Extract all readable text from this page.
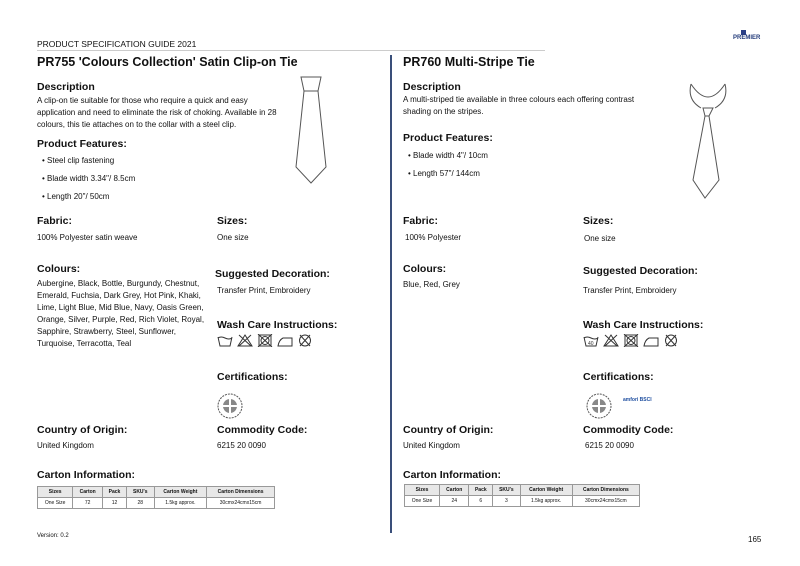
PRODUCT SPECIFICATION GUIDE 2021
PREMIER
PR755 'Colours Collection' Satin Clip-on Tie
Description
A clip-on tie suitable for those who require a quick and easy application and need to eliminate the risk of choking. Available in 28 colours, this tie attaches on to the collar with a steel clip.
Product Features:
• Steel clip fastening
• Blade width 3.34"/ 8.5cm
• Length 20"/ 50cm
Fabric:
100% Polyester satin weave
Sizes:
One size
Colours:
Aubergine, Black, Bottle, Burgundy, Chestnut, Emerald, Fuchsia, Dark Grey, Hot Pink, Khaki, Lime, Light Blue, Mid Blue, Navy, Oasis Green, Orange, Silver, Purple, Red, Rich Violet, Royal, Sapphire, Strawberry, Steel, Sunflower, Turquoise, Terracotta, Teal
Suggested Decoration:
Transfer Print, Embroidery
Wash Care Instructions:
Certifications:
Country of Origin:
United Kingdom
Commodity Code:
6215 20 0090
Carton Information:
Sizes	Carton	Pack	SKU's	Carton Weight	Carton Dimensions
One Size	72	12	28	1.5kg approx.	30cmx24cmx15cm
PR760 Multi-Stripe Tie
Description
A multi-striped tie available in three colours each offering contrast shading on the stripes.
Product Features:
• Blade width 4"/ 10cm
• Length 57"/ 144cm
Fabric:
100% Polyester
Sizes:
One size
Colours:
Blue, Red, Grey
Suggested Decoration:
Transfer Print, Embroidery
Wash Care Instructions:
40
Certifications:
amfori BSCI
Country of Origin:
United Kingdom
Commodity Code:
6215 20 0090
Carton Information:
Sizes	Carton	Pack	SKU's	Carton Weight	Carton Dimensions
One Size	24	6	3	1.5kg approx.	30cmx24cmx15cm
Version: 0.2	165
